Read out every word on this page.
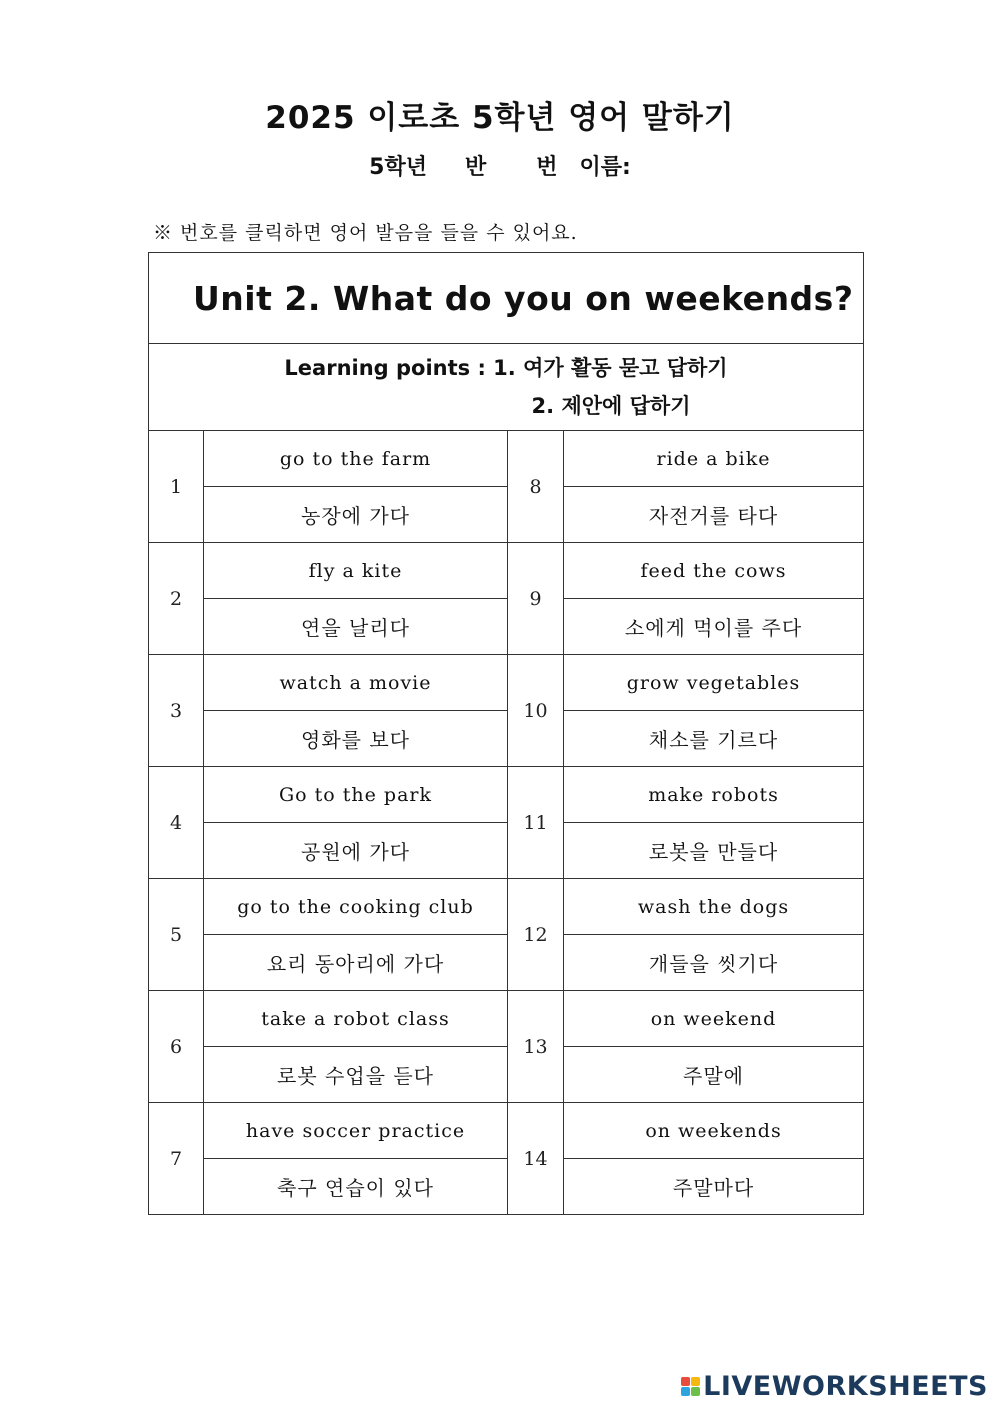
2025 이로초 5학년 영어 말하기
5학년 반 번 이름:
※ 번호를 클릭하면 영어 발음을 들을 수 있어요.
Unit 2. What do you on weekends?			

Learning points : 1. 여가 활동 묻고 답하기
2. 제안에 답하기			

1	go to the farm	8	ride a bike
	농장에 가다		자전거를 타다
2	fly a kite	9	feed the cows
	연을 날리다		소에게 먹이를 주다
3	watch a movie	10	grow vegetables
	영화를 보다		채소를 기르다
4	Go to the park	11	make robots
	공원에 가다		로봇을 만들다
5	go to the cooking club	12	wash the dogs
	요리 동아리에 가다		개들을 씻기다
6	take a robot class	13	on weekend
	로봇 수업을 듣다		주말에
7	have soccer practice	14	on weekends
	축구 연습이 있다		주말마다
LIVEWORKSHEETS
